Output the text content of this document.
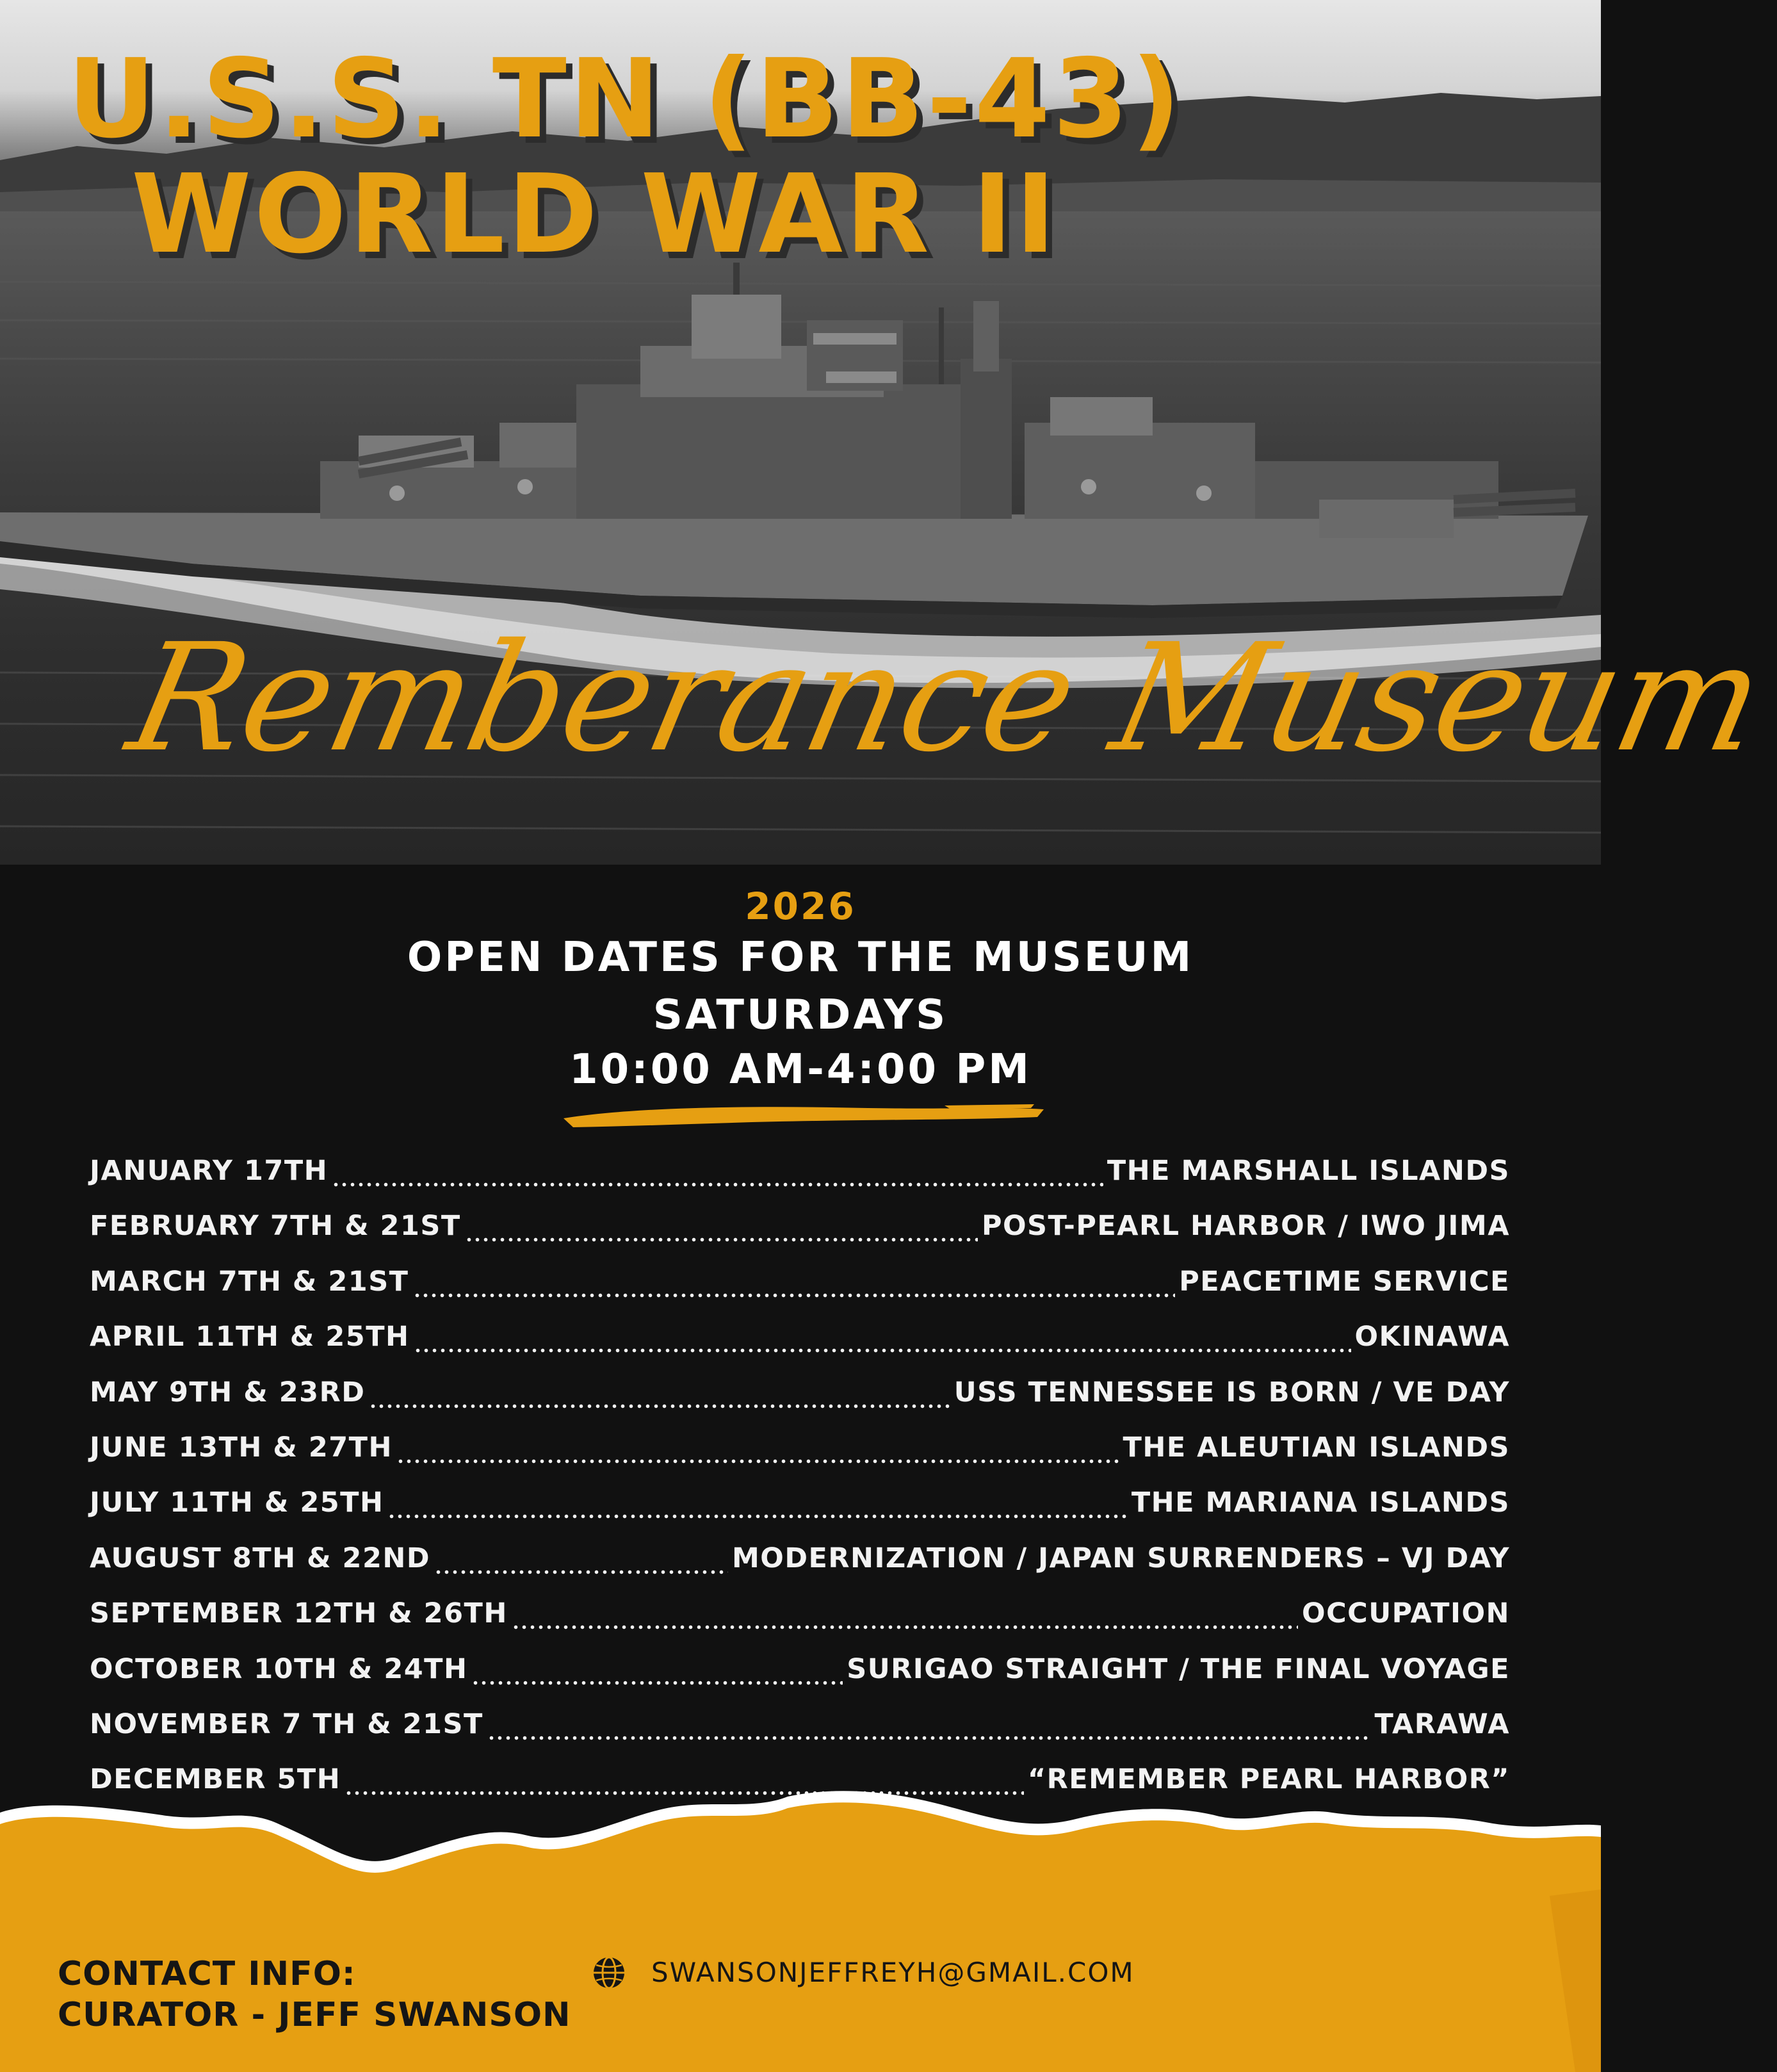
U.S.S. TN (BB-43)
WORLD WAR II
Remberance Museum
2026
OPEN DATES FOR THE MUSEUM
SATURDAYS
10:00 AM-4:00 PM
JANUARY 17TH	THE MARSHALL ISLANDS
FEBRUARY 7TH & 21ST	POST-PEARL HARBOR / IWO JIMA
MARCH 7TH & 21ST	PEACETIME SERVICE
APRIL 11TH & 25TH	OKINAWA
MAY 9TH & 23RD	USS TENNESSEE IS BORN / VE DAY
JUNE 13TH & 27TH	THE ALEUTIAN ISLANDS
JULY 11TH & 25TH	THE MARIANA ISLANDS
AUGUST 8TH & 22ND	MODERNIZATION / JAPAN SURRENDERS – VJ DAY
SEPTEMBER 12TH & 26TH	OCCUPATION
OCTOBER 10TH & 24TH	SURIGAO STRAIGHT / THE FINAL VOYAGE
NOVEMBER 7 TH & 21ST	TARAWA
DECEMBER 5TH	“REMEMBER PEARL HARBOR”
CONTACT INFO:
CURATOR - JEFF SWANSON
SWANSONJEFFREYH@GMAIL.COM
